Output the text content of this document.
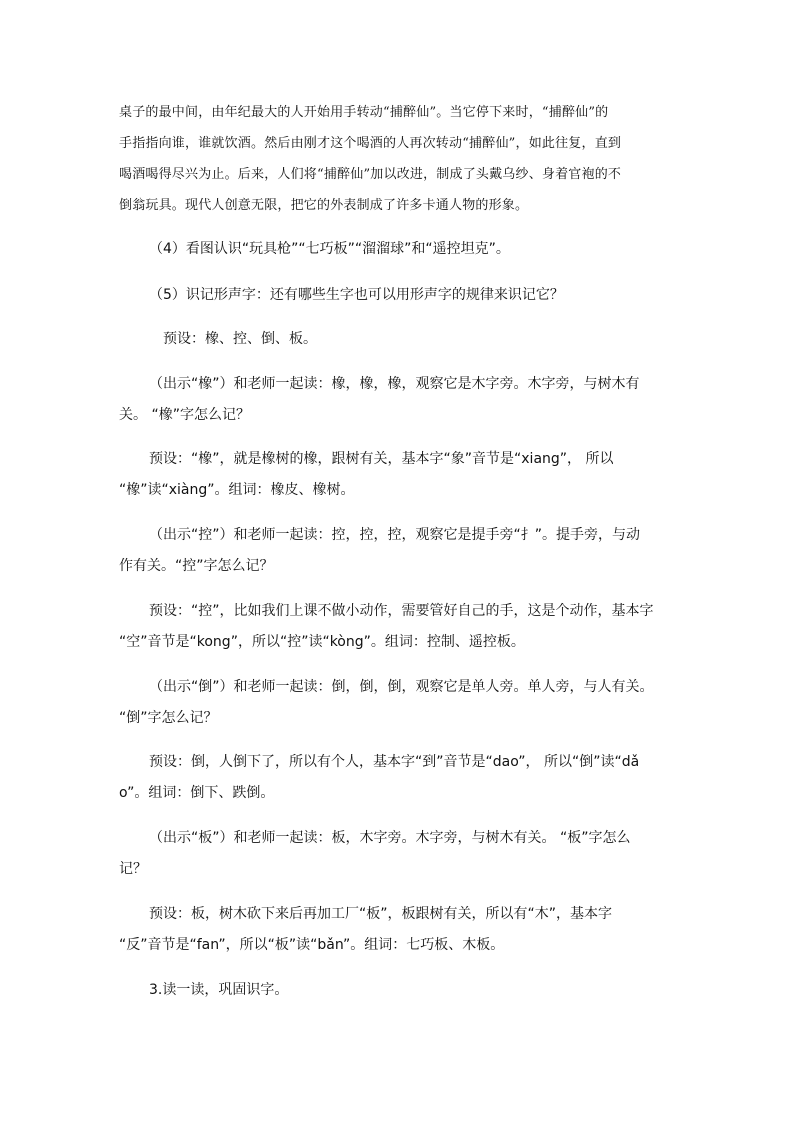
桌子的最中间，由年纪最大的人开始用手转动“捕醉仙”。当它停下来时，“捕醉仙”的
手指指向谁，谁就饮酒。然后由刚才这个喝酒的人再次转动“捕醉仙”，如此往复，直到
喝酒喝得尽兴为止。后来，人们将“捕醉仙”加以改进，制成了头戴乌纱、身着官袍的不
倒翁玩具。现代人创意无限，把它的外表制成了许多卡通人物的形象。
（4）看图认识“玩具枪”“七巧板”“溜溜球”和“遥控坦克”。
（5）识记形声字：还有哪些生字也可以用形声字的规律来识记它？
预设：橡、控、倒、板。
（出示“橡”）和老师一起读：橡，橡，橡，观察它是木字旁。木字旁，与树木有
关。 “橡”字怎么记？
预设：“橡”，就是橡树的橡，跟树有关，基本字“象”音节是“xiang”， 所以
“橡”读“xiàng”。组词：橡皮、橡树。
（出示“控”）和老师一起读：控，控，控，观察它是提手旁“扌”。提手旁，与动
作有关。“控”字怎么记？
预设：“控”，比如我们上课不做小动作，需要管好自己的手，这是个动作，基本字
“空”音节是“kong”，所以“控”读“kòng”。组词：控制、遥控板。
（出示“倒”）和老师一起读：倒，倒，倒，观察它是单人旁。单人旁，与人有关。
“倒”字怎么记？
预设：倒，人倒下了，所以有个人，基本字“到”音节是“dao”， 所以“倒”读“dǎ
o”。组词：倒下、跌倒。
（出示“板”）和老师一起读：板，木字旁。木字旁，与树木有关。 “板”字怎么
记？
预设：板，树木砍下来后再加工厂“板”，板跟树有关，所以有“木”，基本字
“反”音节是“fan”，所以“板”读“bǎn”。组词：七巧板、木板。
3.读一读，巩固识字。
